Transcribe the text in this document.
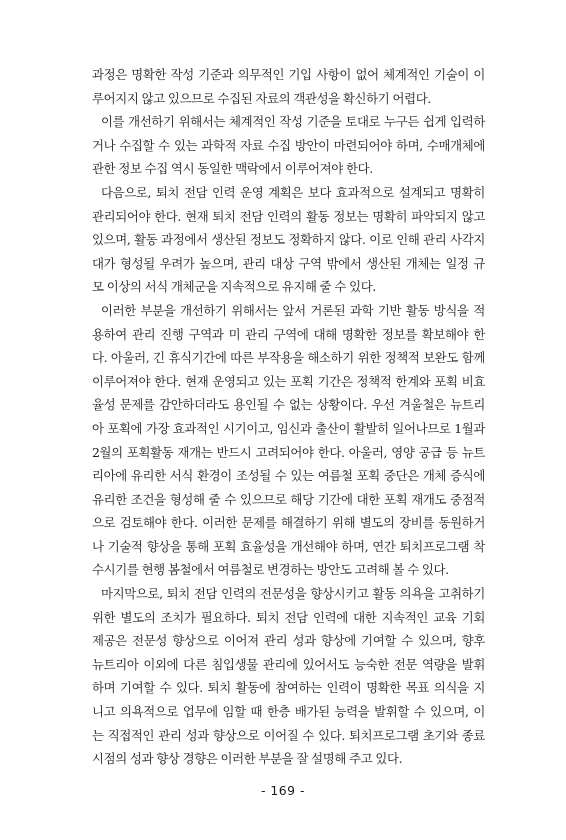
과정은 명확한 작성 기준과 의무적인 기입 사항이 없어 체계적인 기술이 이
루어지지 않고 있으므로 수집된 자료의 객관성을 확신하기 어렵다.
이를 개선하기 위해서는 체계적인 작성 기준을 토대로 누구든 쉽게 입력하
거나 수집할 수 있는 과학적 자료 수집 방안이 마련되어야 하며, 수매개체에
관한 정보 수집 역시 동일한 맥락에서 이루어져야 한다.
다음으로, 퇴치 전담 인력 운영 계획은 보다 효과적으로 설계되고 명확히
관리되어야 한다. 현재 퇴치 전담 인력의 활동 정보는 명확히 파악되지 않고
있으며, 활동 과정에서 생산된 정보도 정확하지 않다. 이로 인해 관리 사각지
대가 형성될 우려가 높으며, 관리 대상 구역 밖에서 생산된 개체는 일정 규
모 이상의 서식 개체군을 지속적으로 유지해 줄 수 있다.
이러한 부분을 개선하기 위해서는 앞서 거론된 과학 기반 활동 방식을 적
용하여 관리 진행 구역과 미 관리 구역에 대해 명확한 정보를 확보해야 한
다. 아울러, 긴 휴식기간에 따른 부작용을 해소하기 위한 정책적 보완도 함께
이루어져야 한다. 현재 운영되고 있는 포획 기간은 정책적 한계와 포획 비효
율성 문제를 감안하더라도 용인될 수 없는 상황이다. 우선 겨울철은 뉴트리
아 포획에 가장 효과적인 시기이고, 임신과 출산이 활발히 일어나므로 1월과
2월의 포획활동 재개는 반드시 고려되어야 한다. 아울러, 영양 공급 등 뉴트
리아에 유리한 서식 환경이 조성될 수 있는 여름철 포획 중단은 개체 증식에
유리한 조건을 형성해 줄 수 있으므로 해당 기간에 대한 포획 재개도 중점적
으로 검토해야 한다. 이러한 문제를 해결하기 위해 별도의 장비를 동원하거
나 기술적 향상을 통해 포획 효율성을 개선해야 하며, 연간 퇴치프로그램 착
수시기를 현행 봄철에서 여름철로 변경하는 방안도 고려해 볼 수 있다.
마지막으로, 퇴치 전담 인력의 전문성을 향상시키고 활동 의욕을 고취하기
위한 별도의 조치가 필요하다. 퇴치 전담 인력에 대한 지속적인 교육 기회
제공은 전문성 향상으로 이어져 관리 성과 향상에 기여할 수 있으며, 향후
뉴트리아 이외에 다른 침입생물 관리에 있어서도 능숙한 전문 역량을 발휘
하며 기여할 수 있다. 퇴치 활동에 참여하는 인력이 명확한 목표 의식을 지
니고 의욕적으로 업무에 임할 때 한층 배가된 능력을 발휘할 수 있으며, 이
는 직접적인 관리 성과 향상으로 이어질 수 있다. 퇴치프로그램 초기와 종료
시점의 성과 향상 경향은 이러한 부분을 잘 설명해 주고 있다.
- 169 -
